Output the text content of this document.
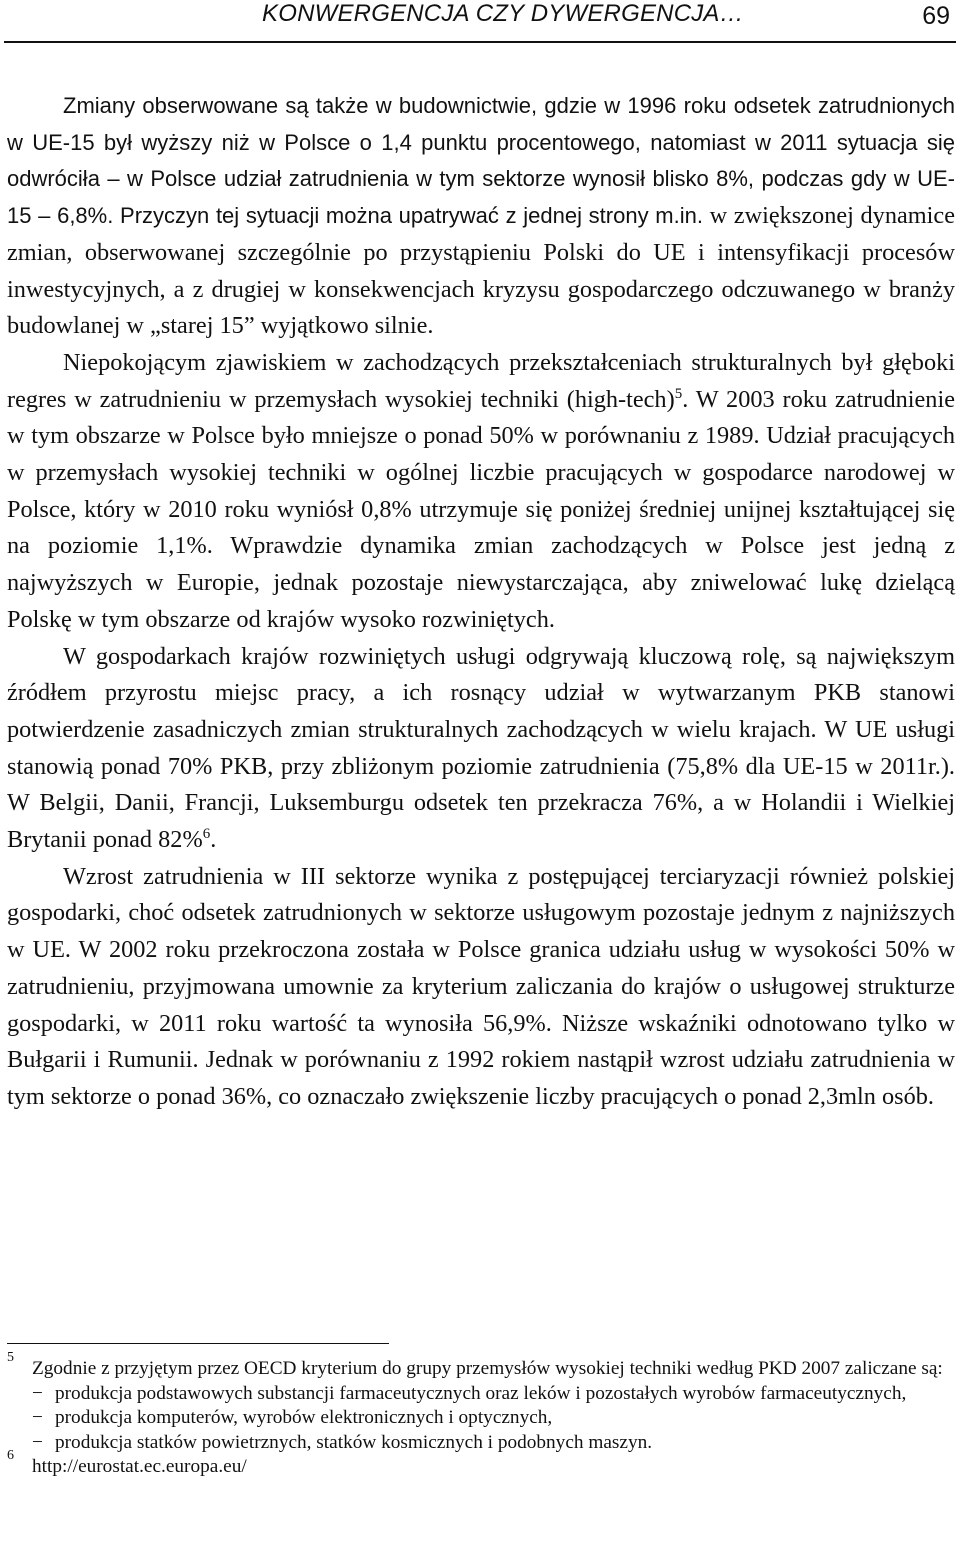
KONWERGENCJA CZY DYWERGENCJA…	69

Zmiany obserwowane są także w budownictwie, gdzie w 1996 roku odsetek zatrudnionych w UE-15 był wyższy niż w Polsce o 1,4 punktu procentowego, natomiast w 2011 sytuacja się odwróciła – w Polsce udział zatrudnienia w tym sektorze wynosił blisko 8%, podczas gdy w UE-15 – 6,8%. Przyczyn tej sytuacji można upatrywać z jednej strony m.in. w zwiększonej dynamice zmian, obserwowanej szczególnie po przystąpieniu Polski do UE i intensyfikacji procesów inwestycyjnych, a z drugiej w konsekwencjach kryzysu gospodarczego odczuwanego w branży budowlanej w „starej 15” wyjątkowo silnie.

Niepokojącym zjawiskiem w zachodzących przekształceniach strukturalnych był głęboki regres w zatrudnieniu w przemysłach wysokiej techniki (high-tech)$^5$. W 2003 roku zatrudnienie w tym obszarze w Polsce było mniejsze o ponad 50% w porównaniu z 1989. Udział pracujących w przemysłach wysokiej techniki w ogólnej liczbie pracujących w gospodarce narodowej w Polsce, który w 2010 roku wyniósł 0,8% utrzymuje się poniżej średniej unijnej kształtującej się na poziomie 1,1%. Wprawdzie dynamika zmian zachodzących w Polsce jest jedną z najwyższych w Europie, jednak pozostaje niewystarczająca, aby zniwelować lukę dzielącą Polskę w tym obszarze od krajów wysoko rozwiniętych.

W gospodarkach krajów rozwiniętych usługi odgrywają kluczową rolę, są największym źródłem przyrostu miejsc pracy, a ich rosnący udział w wytwarzanym PKB stanowi potwierdzenie zasadniczych zmian strukturalnych zachodzących w wielu krajach. W UE usługi stanowią ponad 70% PKB, przy zbliżonym poziomie zatrudnienia (75,8% dla UE-15 w 2011r.). W Belgii, Danii, Francji, Luksemburgu odsetek ten przekracza 76%, a w Holandii i Wielkiej Brytanii ponad 82%$^6$.

Wzrost zatrudnienia w III sektorze wynika z postępującej terciaryzacji również polskiej gospodarki, choć odsetek zatrudnionych w sektorze usługowym pozostaje jednym z najniższych w UE. W 2002 roku przekroczona została w Polsce granica udziału usług w wysokości 50% w zatrudnieniu, przyjmowana umownie za kryterium zaliczania do krajów o usługowej strukturze gospodarki, w 2011 roku wartość ta wynosiła 56,9%. Niższe wskaźniki odnotowano tylko w Bułgarii i Rumunii. Jednak w porównaniu z 1992 rokiem nastąpił wzrost udziału zatrudnienia w tym sektorze o ponad 36%, co oznaczało zwiększenie liczby pracujących o ponad 2,3mln osób.

5
Zgodnie z przyjętym przez OECD kryterium do grupy przemysłów wysokiej techniki według PKD 2007 zaliczane są:
− produkcja podstawowych substancji farmaceutycznych oraz leków i pozostałych wyrobów farmaceutycznych,
− produkcja komputerów, wyrobów elektronicznych i optycznych,
− produkcja statków powietrznych, statków kosmicznych i podobnych maszyn.
6
http://eurostat.ec.europa.eu/
